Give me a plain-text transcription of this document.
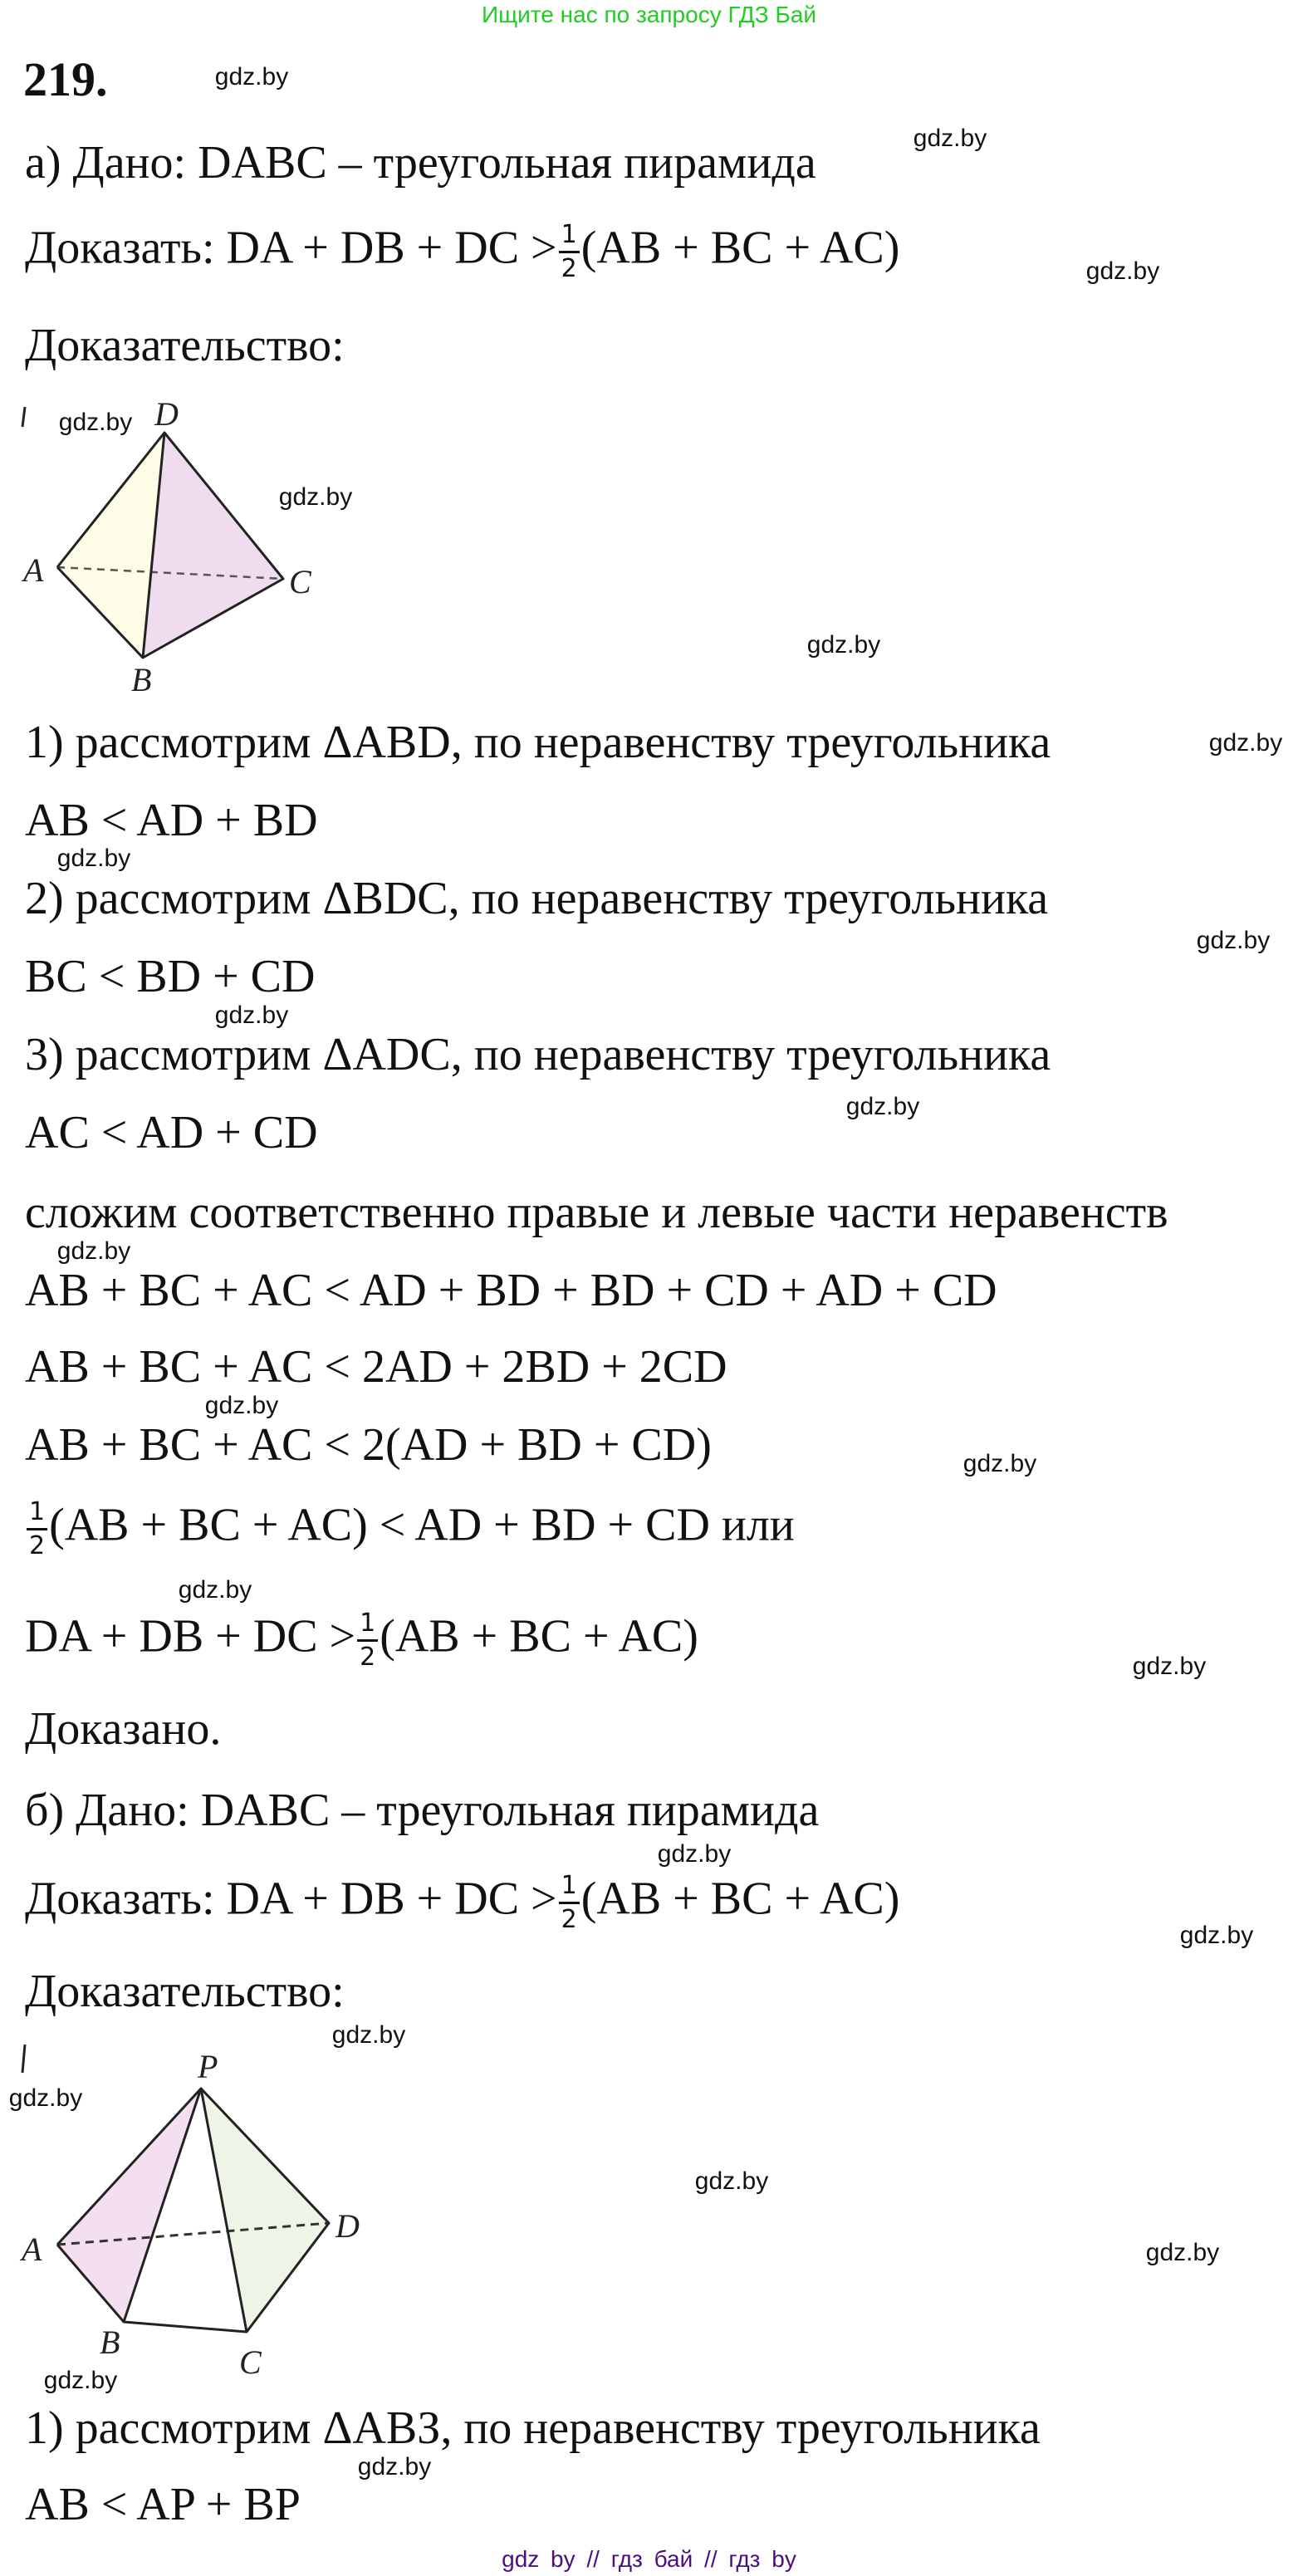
Ищите нас по запросу ГДЗ Бай
219.
а) Дано: DABC – треугольная пирамида
Доказать: DA + DB + DC > $\frac{1}{2} (AB$ + BC + AC)
Доказательство:
D
A	C
B
1) рассмотрим ΔABD, по неравенству треугольника
AB < AD + BD
2) рассмотрим ΔBDC, по неравенству треугольника
BC < BD + CD
3) рассмотрим ΔADC, по неравенству треугольника
AC < AD + CD
сложим соответственно правые и левые части неравенств
AB + BC + AC < AD + BD + BD + CD + AD + CD
AB + BC + AC < 2AD + 2BD + 2CD
AB + BC + AC < 2(AD + BD + CD)
$\frac{1}{2} (AB$ + BC + AC) < AD + BD + CD или
DA + DB + DC > $\frac{1}{2} (AB$ + BC + AC)
Доказано.
б) Дано: DABC – треугольная пирамида
Доказать: DA + DB + DC > $\frac{1}{2} (AB$ + BC + AC)
Доказательство:
P
A
D
B
C
1) рассмотрим ΔABЗ, по неравенству треугольника
AB < AP + BP
gdz.by
gdz.by
gdz.by
gdz.by
gdz.by
gdz.by
gdz.by
gdz.by
gdz.by
gdz.by
gdz.by
gdz.by
gdz.by
gdz.by
gdz.by
gdz.by
gdz.by
gdz.by
gdz.by
gdz.by
gdz.by
gdz.by
gdz.by
gdz.by
gdz by // гдз бай // гдз by
